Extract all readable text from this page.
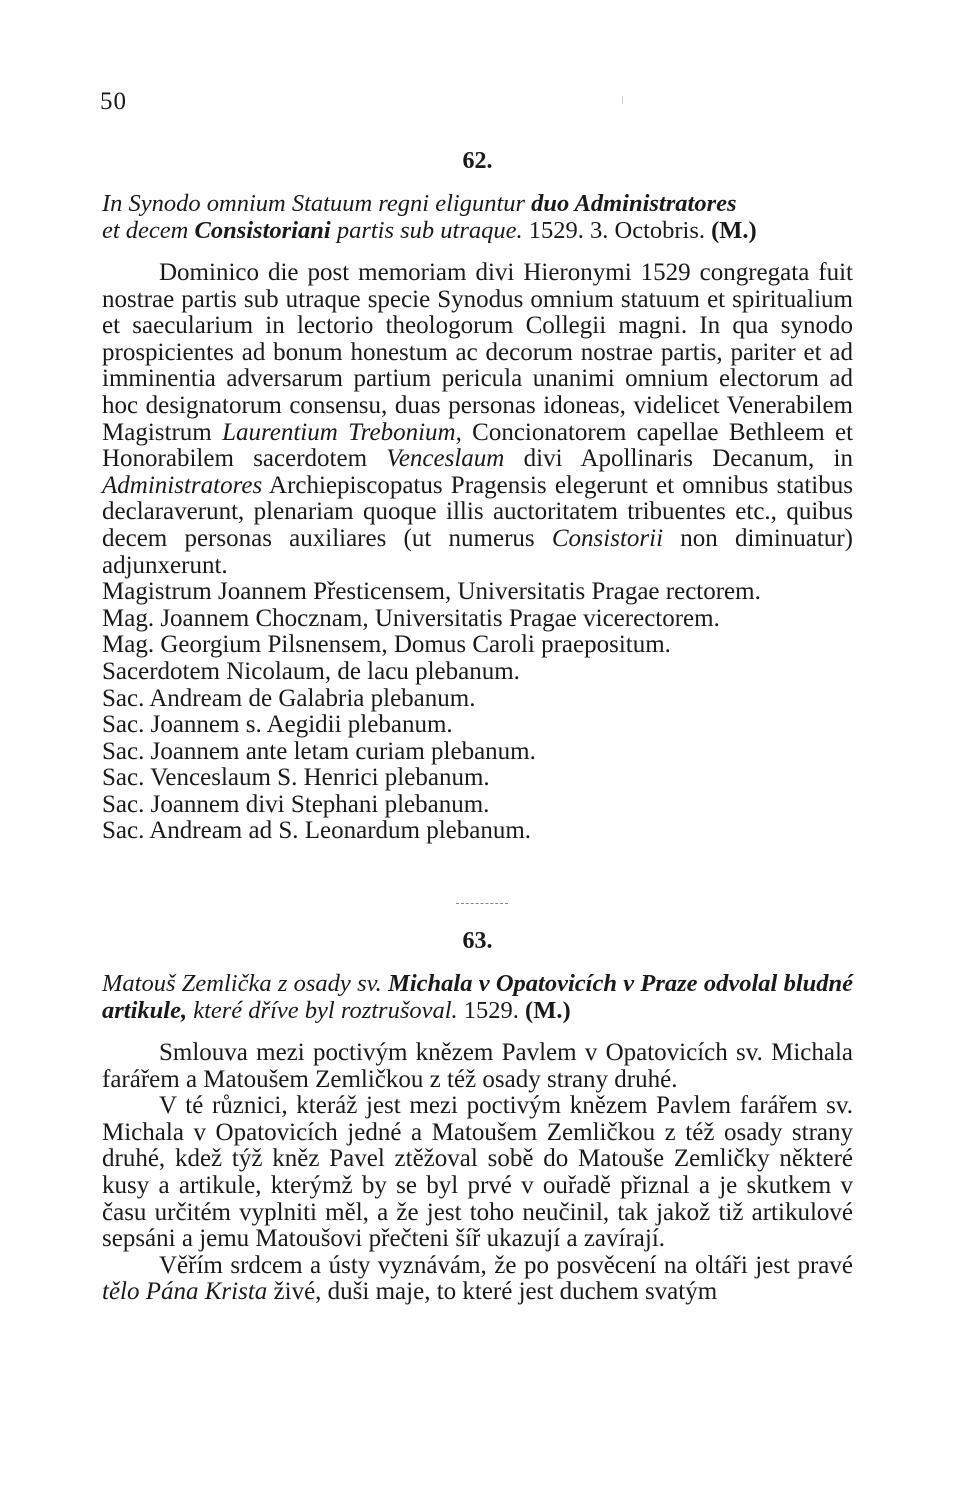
50

62.

In Synodo omnium Statuum regni eliguntur duo Administratores
et decem Consistoriani partis sub utraque. 1529. 3. Octobris. (M.)

Dominico die post memoriam divi Hieronymi 1529 congregata fuit nostrae partis sub utraque specie Synodus omnium statuum et spiritualium et saecularium in lectorio theologorum Collegii magni. In qua synodo prospicientes ad bonum honestum ac decorum nostrae partis, pariter et ad imminentia adversarum partium pericula unanimi omnium electorum ad hoc designatorum consensu, duas personas idoneas, videlicet Venerabilem Magistrum Laurentium Trebonium, Concionatorem capellae Bethleem et Honorabilem sacerdotem Venceslaum divi Apollinaris Decanum, in Administratores Archiepiscopatus Pragensis elegerunt et omnibus statibus declaraverunt, plenariam quoque illis auctoritatem tribuentes etc., quibus decem personas auxiliares (ut numerus Consistorii non diminuatur) adjunxerunt.

Magistrum Joannem Přesticensem, Universitatis Pragae rectorem.
Mag. Joannem Chocznam, Universitatis Pragae vicerectorem.
Mag. Georgium Pilsnensem, Domus Caroli praepositum.
Sacerdotem Nicolaum, de lacu plebanum.
Sac. Andream de Galabria plebanum.
Sac. Joannem s. Aegidii plebanum.
Sac. Joannem ante letam curiam plebanum.
Sac. Venceslaum S. Henrici plebanum.
Sac. Joannem divi Stephani plebanum.
Sac. Andream ad S. Leonardum plebanum.

63.

Matouš Zemlička z osady sv. Michala v Opatovicích v Praze odvolal bludné artikule, které dříve byl roztrušoval. 1529. (M.)

Smlouva mezi poctivým knězem Pavlem v Opatovicích sv. Michala farářem a Matoušem Zemličkou z též osady strany druhé.

V té různici, kteráž jest mezi poctivým knězem Pavlem farářem sv. Michala v Opatovicích jedné a Matoušem Zemličkou z též osady strany druhé, kdež týž kněz Pavel ztěžoval sobě do Matouše Zemličky některé kusy a artikule, kterýmž by se byl prvé v ouřadě přiznal a je skutkem v času určitém vyplniti měl, a že jest toho neučinil, tak jakož tiž artikulové sepsáni a jemu Matoušovi přečteni šíř ukazují a zavírají.

Věřím srdcem a ústy vyznávám, že po posvěcení na oltáři jest pravé tělo Pána Krista živé, duši maje, to které jest duchem svatým
